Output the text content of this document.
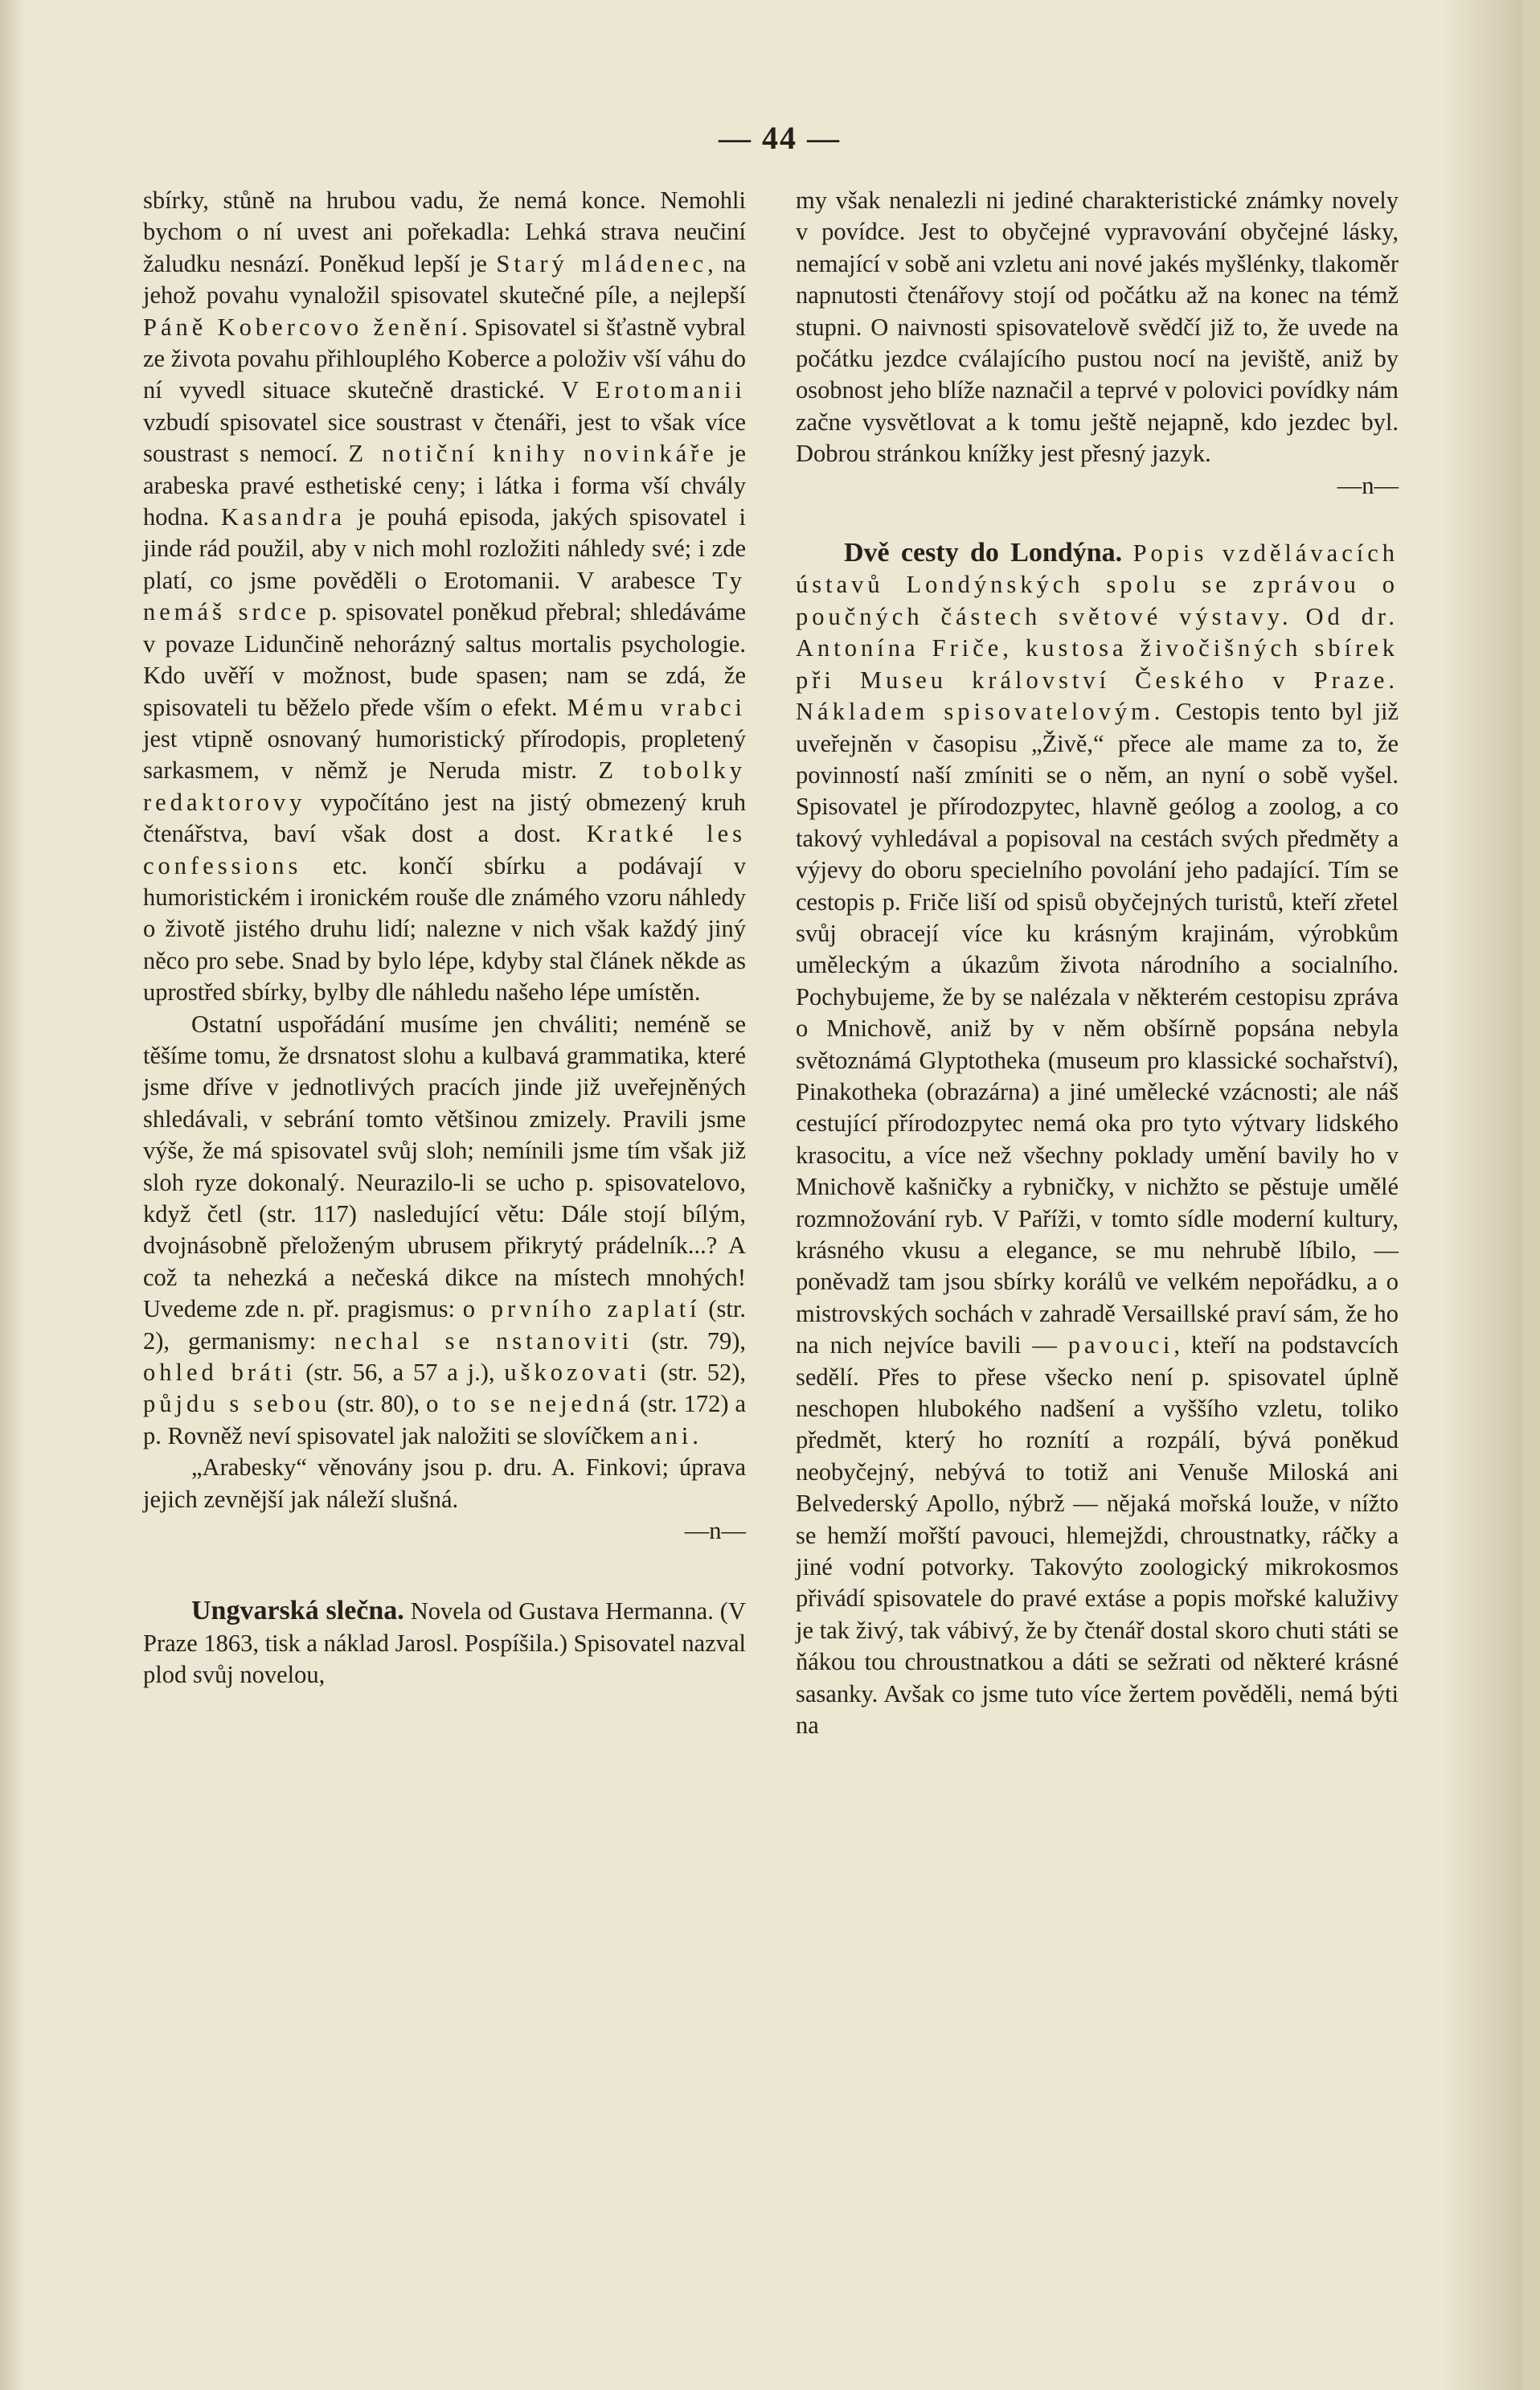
— 44 —

sbírky, stůně na hrubou vadu, že nemá konce. Nemohli bychom o ní uvest ani pořekadla: Lehká strava neučiní žaludku nesnází. Poněkud lepší je Starý mládenec, na jehož povahu vynaložil spisovatel skutečné píle, a nejlepší Páně Kobercovo ženění. Spisovatel si šťastně vybral ze života povahu přihlouplého Koberce a položiv vší váhu do ní vyvedl situace skutečně drastické. V Erotomanii vzbudí spisovatel sice soustrast v čtenáři, jest to však více soustrast s nemocí. Z notiční knihy novinkáře je arabeska pravé esthetiské ceny; i látka i forma vší chvály hodna. Kasandra je pouhá episoda, jakých spisovatel i jinde rád použil, aby v nich mohl rozložiti náhledy své; i zde platí, co jsme pověděli o Erotomanii. V arabesce Ty nemáš srdce p. spisovatel poněkud přebral; shledáváme v povaze Lidunčině nehorázný saltus mortalis psychologie. Kdo uvěří v možnost, bude spasen; nam se zdá, že spisovateli tu běželo přede vším o efekt. Mému vrabci jest vtipně osnovaný humoristický přírodopis, propletený sarkasmem, v němž je Neruda mistr. Z tobolky redaktorovy vypočítáno jest na jistý obmezený kruh čtenářstva, baví však dost a dost. Kratké les confessions etc. končí sbírku a podávají v humoristickém i ironickém rouše dle známého vzoru náhledy o životě jistého druhu lidí; nalezne v nich však každý jiný něco pro sebe. Snad by bylo lépe, kdyby stal článek někde as uprostřed sbírky, bylby dle náhledu našeho lépe umístěn.

Ostatní uspořádání musíme jen chváliti; neméně se těšíme tomu, že drsnatost slohu a kulbavá grammatika, které jsme dříve v jednotlivých pracích jinde již uveřejněných shledávali, v sebrání tomto většinou zmizely. Pravili jsme výše, že má spisovatel svůj sloh; nemínili jsme tím však již sloh ryze dokonalý. Neurazilo-li se ucho p. spisovatelovo, když četl (str. 117) nasledující větu: Dále stojí bílým, dvojnásobně přeloženým ubrusem přikrytý prádelník...? A což ta nehezká a nečeská dikce na místech mnohých! Uvedeme zde n. př. pragismus: o prvního zaplatí (str. 2), germanismy: nechal se nstanoviti (str. 79), ohled bráti (str. 56, a 57 a j.), uškozovati (str. 52), půjdu s sebou (str. 80), o to se nejedná (str. 172) a p. Rovněž neví spisovatel jak naložiti se slovíčkem ani.

„Arabesky“ věnovány jsou p. dru. A. Finkovi; úprava jejich zevnější jak náleží slušná.

—n—

Ungvarská slečna. Novela od Gustava Hermanna. (V Praze 1863, tisk a náklad Jarosl. Pospíšila.) Spisovatel nazval plod svůj novelou,

my však nenalezli ni jediné charakteristické známky novely v povídce. Jest to obyčejné vypravování obyčejné lásky, nemající v sobě ani vzletu ani nové jakés myšlénky, tlakoměr napnutosti čtenářovy stojí od počátku až na konec na témž stupni. O naivnosti spisovatelově svědčí již to, že uvede na počátku jezdce cválajícího pustou nocí na jeviště, aniž by osobnost jeho blíže naznačil a teprvé v polovici povídky nám začne vysvětlovat a k tomu ještě nejapně, kdo jezdec byl. Dobrou stránkou knížky jest přesný jazyk.

—n—

Dvě cesty do Londýna. Popis vzdělávacích ústavů Londýnských spolu se zprávou o poučných částech světové výstavy. Od dr. Antonína Friče, kustosa živočišných sbírek při Museu království Českého v Praze. Nákladem spisovatelovým. Cestopis tento byl již uveřejněn v časopisu „Živě,“ přece ale mame za to, že povinností naší zmíniti se o něm, an nyní o sobě vyšel. Spisovatel je přírodozpytec, hlavně geólog a zoolog, a co takový vyhledával a popisoval na cestách svých předměty a výjevy do oboru specielního povolání jeho padající. Tím se cestopis p. Friče liší od spisů obyčejných turistů, kteří zřetel svůj obracejí více ku krásným krajinám, výrobkům uměleckým a úkazům života národního a socialního. Pochybujeme, že by se nalézala v některém cestopisu zpráva o Mnichově, aniž by v něm obšírně popsána nebyla světoznámá Glyptotheka (museum pro klassické sochařství), Pinakotheka (obrazárna) a jiné umělecké vzácnosti; ale náš cestující přírodozpytec nemá oka pro tyto výtvary lidského krasocitu, a více než všechny poklady umění bavily ho v Mnichově kašničky a rybničky, v nichžto se pěstuje umělé rozmnožování ryb. V Paříži, v tomto sídle moderní kultury, krásného vkusu a elegance, se mu nehrubě líbilo, — poněvadž tam jsou sbírky korálů ve velkém nepořádku, a o mistrovských sochách v zahradě Versaillské praví sám, že ho na nich nejvíce bavili — pavouci, kteří na podstavcích sedělí. Přes to přese všecko není p. spisovatel úplně neschopen hlubokého nadšení a vyššího vzletu, toliko předmět, který ho roznítí a rozpálí, bývá poněkud neobyčejný, nebývá to totiž ani Venuše Miloská ani Belvederský Apollo, nýbrž — nějaká mořská louže, v nížto se hemží mořští pavouci, hlemejždi, chroustnatky, ráčky a jiné vodní potvorky. Takovýto zoologický mikrokosmos přivádí spisovatele do pravé extáse a popis mořské kaluživy je tak živý, tak vábivý, že by čtenář dostal skoro chuti státi se ňákou tou chroustnatkou a dáti se sežrati od některé krásné sasanky. Avšak co jsme tuto více žertem pověděli, nemá býti na
